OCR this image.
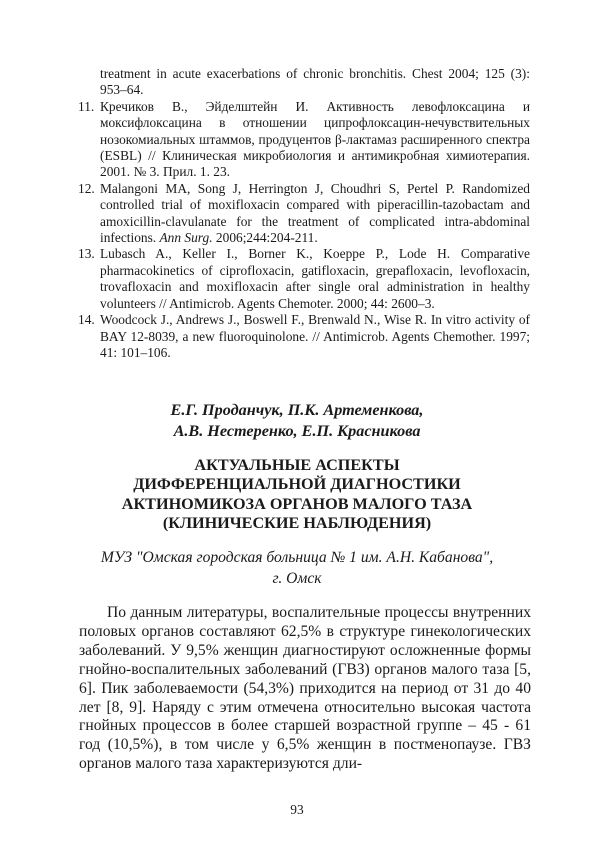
treatment in acute exacerbations of chronic bronchitis. Chest 2004; 125 (3): 953–64.
11. Кречиков В., Эйделштейн И. Активность левофлоксацина и моксифлоксацина в отношении ципрофлоксацин-нечувствительных нозокомиальных штаммов, продуцентов β-лактамаз расширенного спектра (ESBL) // Клиническая микробиология и антимикробная химиотерапия. 2001. № 3. Прил. 1. 23.
12. Malangoni MA, Song J, Herrington J, Choudhri S, Pertel P. Randomized controlled trial of moxifloxacin compared with piperacillin-tazobactam and amoxicillin-clavulanate for the treatment of complicated intra-abdominal infections. Ann Surg. 2006;244:204-211.
13. Lubasch A., Keller I., Borner K., Koeppe P., Lode H. Comparative pharmacokinetics of ciprofloxacin, gatifloxacin, grepafloxacin, levofloxacin, trovafloxacin and moxifloxacin after single oral administration in healthy volunteers // Antimicrob. Agents Chemoter. 2000; 44: 2600–3.
14. Woodcock J., Andrews J., Boswell F., Brenwald N., Wise R. In vitro activity of BAY 12-8039, a new fluoroquinolone. // Antimicrob. Agents Chemother. 1997; 41: 101–106.
Е.Г. Проданчук, П.К. Артеменкова,
А.В. Нестеренко, Е.П. Красникова
АКТУАЛЬНЫЕ АСПЕКТЫ
ДИФФЕРЕНЦИАЛЬНОЙ ДИАГНОСТИКИ
АКТИНОМИКОЗА ОРГАНОВ МАЛОГО ТАЗА
(КЛИНИЧЕСКИЕ НАБЛЮДЕНИЯ)
МУЗ "Омская городская больница № 1 им. А.Н. Кабанова",
г. Омск
По данным литературы, воспалительные процессы внутренних половых органов составляют 62,5% в структуре гинекологических заболеваний. У 9,5% женщин диагностируют осложненные формы гнойно-воспалительных заболеваний (ГВЗ) органов малого таза [5, 6]. Пик заболеваемости (54,3%) приходится на период от 31 до 40 лет [8, 9]. Наряду с этим отмечена относительно высокая частота гнойных процессов в более старшей возрастной группе – 45 - 61 год (10,5%), в том числе у 6,5% женщин в постменопаузе. ГВЗ органов малого таза характеризуются дли-
93
